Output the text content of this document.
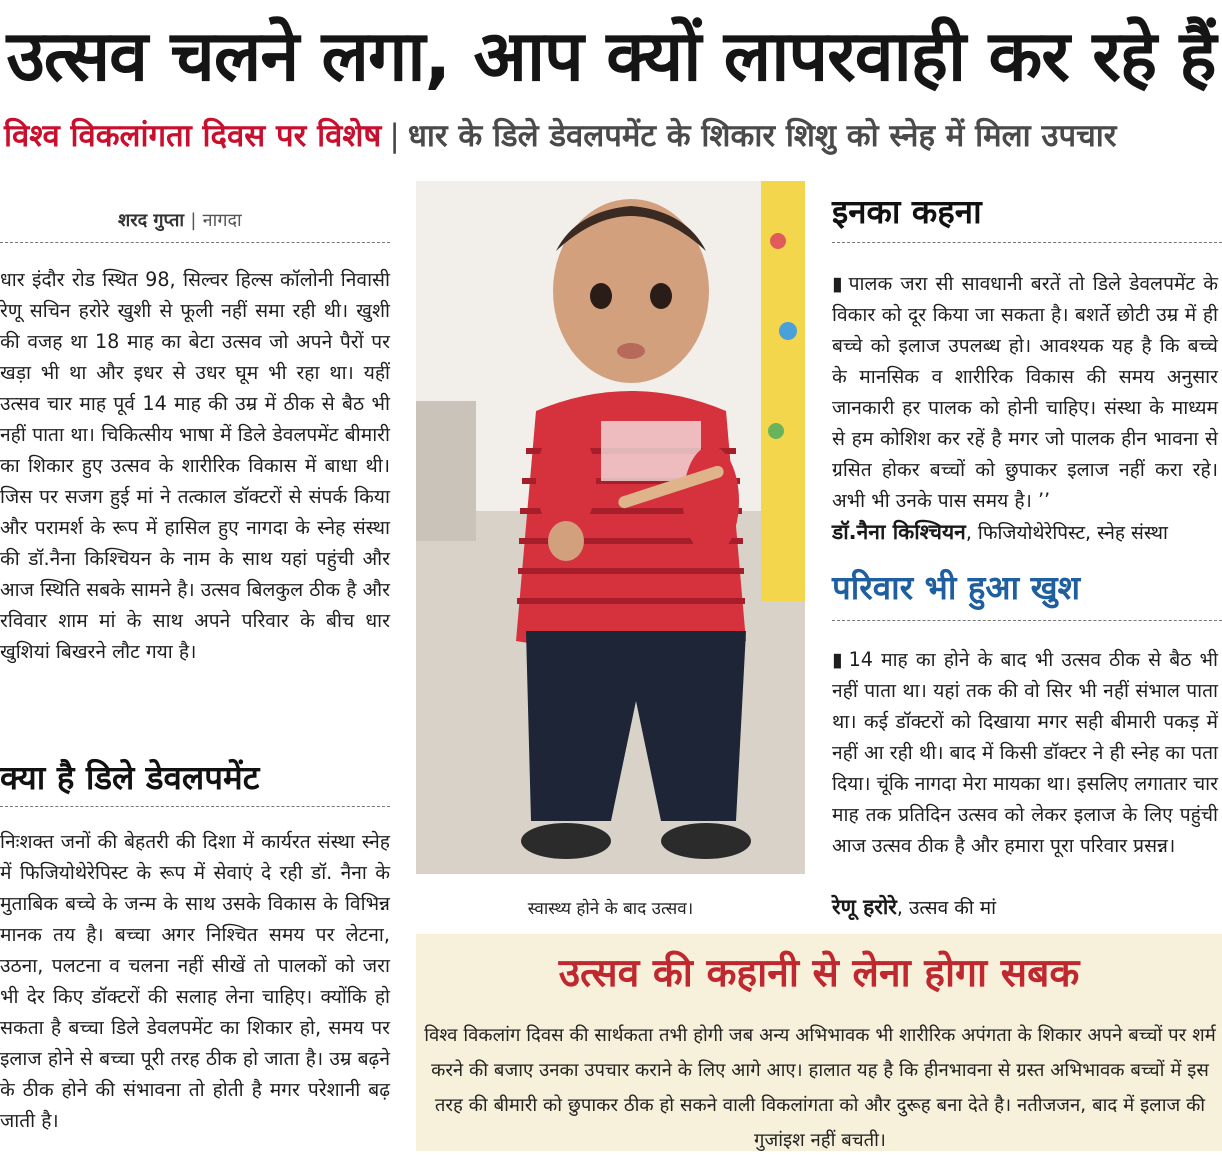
उत्सव चलने लगा, आप क्यों लापरवाही कर रहे हैं
विश्व विकलांगता दिवस पर विशेष | धार के डिले डेवलपमेंट के शिकार शिशु को स्नेह में मिला उपचार
शरद गुप्ता | नागदा

धार इंदौर रोड स्थित 98, सिल्वर हिल्स कॉलोनी निवासी रेणू सचिन हरोरे खुशी से फूली नहीं समा रही थी। खुशी की वजह था 18 माह का बेटा उत्सव जो अपने पैरों पर खड़ा भी था और इधर से उधर घूम भी रहा था। यहीं उत्सव चार माह पूर्व 14 माह की उम्र में ठीक से बैठ भी नहीं पाता था। चिकित्सीय भाषा में डिले डेवलपमेंट बीमारी का शिकार हुए उत्सव के शारीरिक विकास में बाधा थी। जिस पर सजग हुई मां ने तत्काल डॉक्टरों से संपर्क किया और परामर्श के रूप में हासिल हुए नागदा के स्नेह संस्था की डॉ.नैना किश्चियन के नाम के साथ यहां पहुंची और आज स्थिति सबके सामने है। उत्सव बिलकुल ठीक है और रविवार शाम मां के साथ अपने परिवार के बीच धार खुशियां बिखरने लौट गया है।

क्या है डिले डेवलपमेंट

निःशक्त जनों की बेहतरी की दिशा में कार्यरत संस्था स्नेह में फिजियोथेरेपिस्ट के रूप में सेवाएं दे रही डॉ. नैना के मुताबिक बच्चे के जन्म के साथ उसके विकास के विभिन्न मानक तय है। बच्चा अगर निश्चित समय पर लेटना, उठना, पलटना व चलना नहीं सीखें तो पालकों को जरा भी देर किए डॉक्टरों की सलाह लेना चाहिए। क्योंकि हो सकता है बच्चा डिले डेवलपमेंट का शिकार हो, समय पर इलाज होने से बच्चा पूरी तरह ठीक हो जाता है। उम्र बढ़ने के ठीक होने की संभावना तो होती है मगर परेशानी बढ़ जाती है।

स्वास्थ्य होने के बाद उत्सव।
इनका कहना

▮ पालक जरा सी सावधानी बरतें तो डिले डेवलपमेंट के विकार को दूर किया जा सकता है। बशर्ते छोटी उम्र में ही बच्चे को इलाज उपलब्ध हो। आवश्यक यह है कि बच्चे के मानसिक व शारीरिक विकास की समय अनुसार जानकारी हर पालक को होनी चाहिए। संस्था के माध्यम से हम कोशिश कर रहें है मगर जो पालक हीन भावना से ग्रसित होकर बच्चों को छुपाकर इलाज नहीं करा रहे। अभी भी उनके पास समय है। ’’

डॉ.नैना किश्चियन, फिजियोथेरेपिस्ट, स्नेह संस्था
परिवार भी हुआ खुश

▮ 14 माह का होने के बाद भी उत्सव ठीक से बैठ भी नहीं पाता था। यहां तक की वो सिर भी नहीं संभाल पाता था। कई डॉक्टरों को दिखाया मगर सही बीमारी पकड़ में नहीं आ रही थी। बाद में किसी डॉक्टर ने ही स्नेह का पता दिया। चूंकि नागदा मेरा मायका था। इसलिए लगातार चार माह तक प्रतिदिन उत्सव को लेकर इलाज के लिए पहुंची आज उत्सव ठीक है और हमारा पूरा परिवार प्रसन्न।

रेणू हरोरे, उत्सव की मां
उत्सव की कहानी से लेना होगा सबक
विश्व विकलांग दिवस की सार्थकता तभी होगी जब अन्य अभिभावक भी शारीरिक अपंगता के शिकार अपने बच्चों पर शर्म करने की बजाए उनका उपचार कराने के लिए आगे आए। हालात यह है कि हीनभावना से ग्रस्त अभिभावक बच्चों में इस तरह की बीमारी को छुपाकर ठीक हो सकने वाली विकलांगता को और दुरूह बना देते है। नतीजजन, बाद में इलाज की गुजांइश नहीं बचती।
